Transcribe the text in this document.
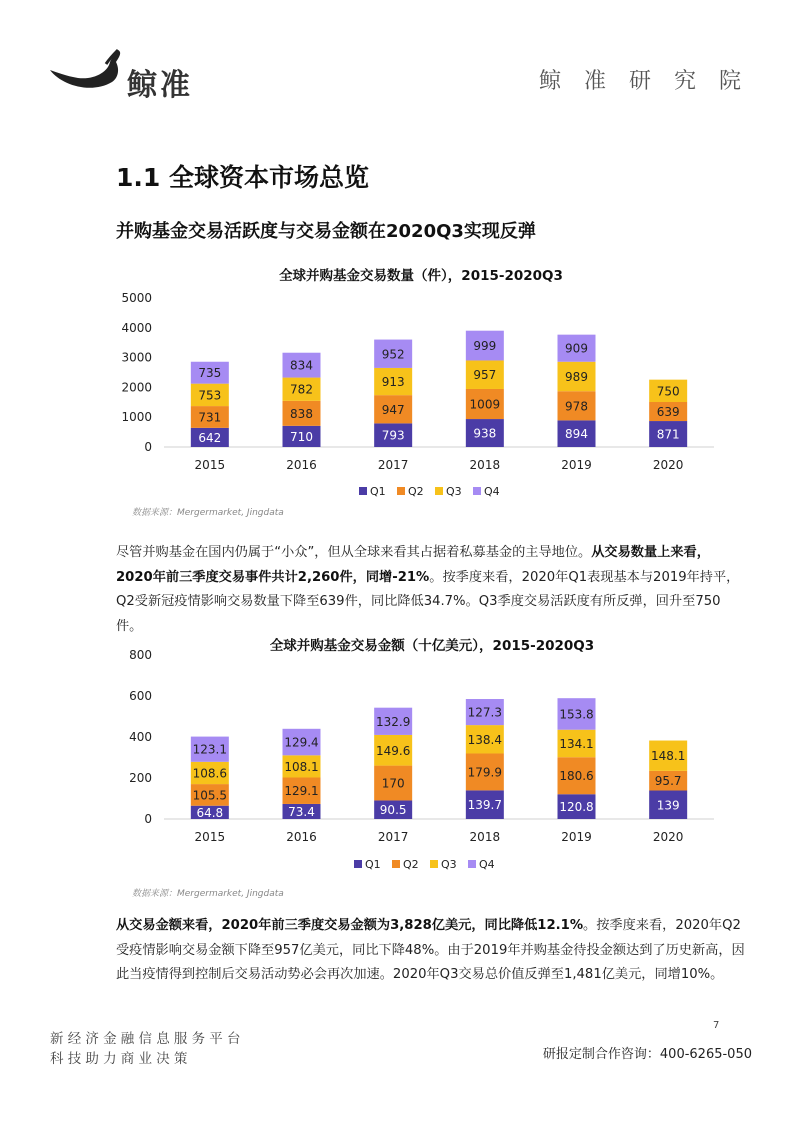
鲸准	鲸 准 研 究 院
1.1 全球资本市场总览
并购基金交易活跃度与交易金额在2020Q3实现反弹
全球并购基金交易数量（件），2015-2020Q3
0
1000
2000
3000
4000
5000
642
731
753
735
2015
710
838
782
834
2016
793
947
913
952
2017
938
1009
957
999
2018
894
978
989
909
2019
871
639
750
2020
Q1 Q2 Q3 Q4
数据来源：Mergermarket, Jingdata
尽管并购基金在国内仍属于“小众”，但从全球来看其占据着私募基金的主导地位。从交易数量上来看，2020年前三季度交易事件共计2,260件，同增-21%。按季度来看，2020年Q1表现基本与2019年持平，Q2受新冠疫情影响交易数量下降至639件，同比降低34.7%。Q3季度交易活跃度有所反弹，回升至750件。
全球并购基金交易金额（十亿美元），2015-2020Q3
0
200
400
600
800
64.8
105.5
108.6
123.1
2015
73.4
129.1
108.1
129.4
2016
90.5
170
149.6
132.9
2017
139.7
179.9
138.4
127.3
2018
120.8
180.6
134.1
153.8
2019
139
95.7
148.1
2020
Q1 Q2 Q3 Q4
数据来源：Mergermarket, Jingdata
从交易金额来看，2020年前三季度交易金额为3,828亿美元，同比降低12.1%。按季度来看，2020年Q2受疫情影响交易金额下降至957亿美元，同比下降48%。由于2019年并购基金待投金额达到了历史新高，因此当疫情得到控制后交易活动势必会再次加速。2020年Q3交易总价值反弹至1,481亿美元，同增10%。
7
新经济金融信息服务平台
科技助力商业决策	研报定制合作咨询：400-6265-050
